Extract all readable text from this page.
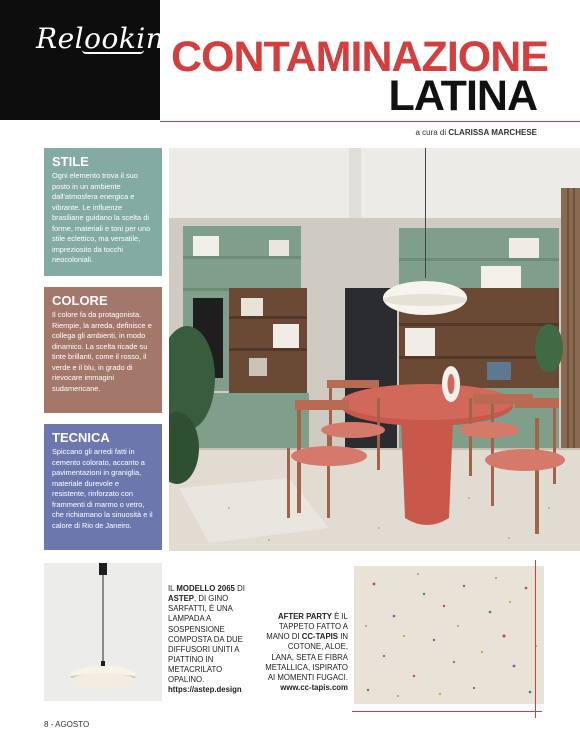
Relooking
CONTAMINAZIONE
LATINA
a cura di CLARISSA MARCHESE
STILE

Ogni elemento trova il suo posto in un ambiente dall'atmosfera energica e vibrante. Le influenze brasiliane guidano la scelta di forme, materiali e toni per uno stile eclettico, ma versatile, impreziosito da tocchi neocoloniali.

COLORE

Il colore fa da protagonista. Riempie, la arreda, definisce e collega gli ambienti, in modo dinamico. La scelta ricade su tinte brillanti, come il rosso, il verde e il blu, in grado di rievocare immagini sudamericane.

TECNICA

Spiccano gli arredi fatti in cemento colorato, accanto a pavimentazioni in graniglia, materiale durevole e resistente, rinforzato con frammenti di marmo o vetro, che richiamano la sinuosità e il calore di Rio de Janeiro.

IL MODELLO 2065 DI ASTEP, DI GINO SARFATTI, È UNA LAMPADA A SOSPENSIONE COMPOSTA DA DUE DIFFUSORI UNITI A PIATTINO IN METACRILATO OPALINO.
https://astep.design
AFTER PARTY È IL TAPPETO FATTO A MANO DI CC-TAPIS IN COTONE, ALOE, LANA, SETA E FIBRA METALLICA, ISPIRATO AI MOMENTI FUGACI.
www.cc-tapis.com
8 - AGOSTO
